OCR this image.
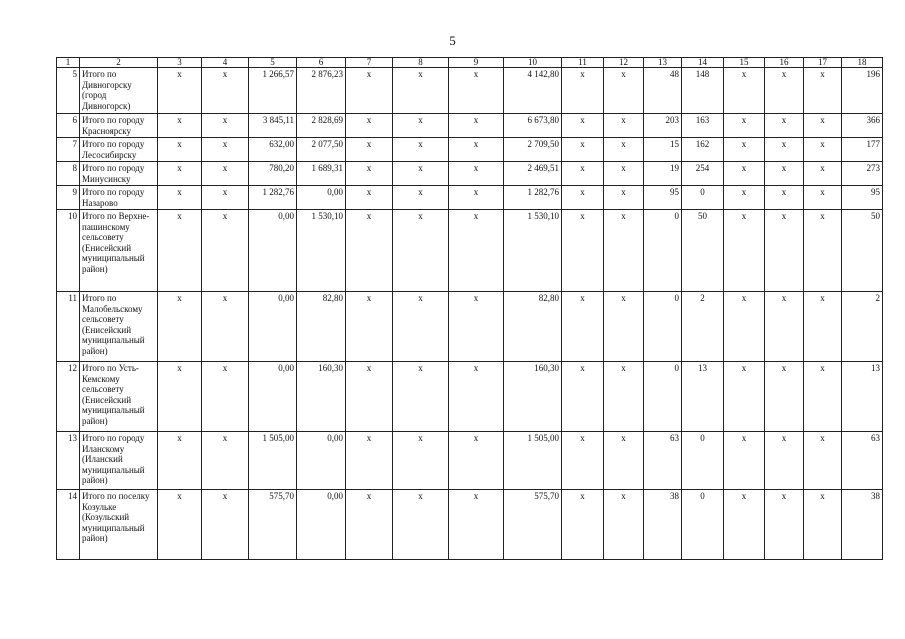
5
1	2	3	4	5	6	7	8	9	10	11	12	13	14	15	16	17	18
5	Итого по Дивногорску (город Дивногорск)	x	x	1 266,57	2 876,23	x	x	x	4 142,80	x	x	48	148	x	x	x	196
6	Итого по городу Красноярску	x	x	3 845,11	2 828,69	x	x	x	6 673,80	x	x	203	163	x	x	x	366
7	Итого по городу Лесосибирску	x	x	632,00	2 077,50	x	x	x	2 709,50	x	x	15	162	x	x	x	177
8	Итого по городу Минусинску	x	x	780,20	1 689,31	x	x	x	2 469,51	x	x	19	254	x	x	x	273
9	Итого по городу Назарово	x	x	1 282,76	0,00	x	x	x	1 282,76	x	x	95	0	x	x	x	95
10	Итого по Верхне-пашинскому сельсовету (Енисейский муниципальный район)	x	x	0,00	1 530,10	x	x	x	1 530,10	x	x	0	50	x	x	x	50
11	Итого по Малобельскому сельсовету (Енисейский муниципальный район)	x	x	0,00	82,80	x	x	x	82,80	x	x	0	2	x	x	x	2
12	Итого по Усть-Кемскому сельсовету (Енисейский муниципальный район)	x	x	0,00	160,30	x	x	x	160,30	x	x	0	13	x	x	x	13
13	Итого по городу Иланскому (Иланский муниципальный район)	x	x	1 505,00	0,00	x	x	x	1 505,00	x	x	63	0	x	x	x	63
14	Итого по поселку Козульке (Козульский муниципальный район)	x	x	575,70	0,00	x	x	x	575,70	x	x	38	0	x	x	x	38
